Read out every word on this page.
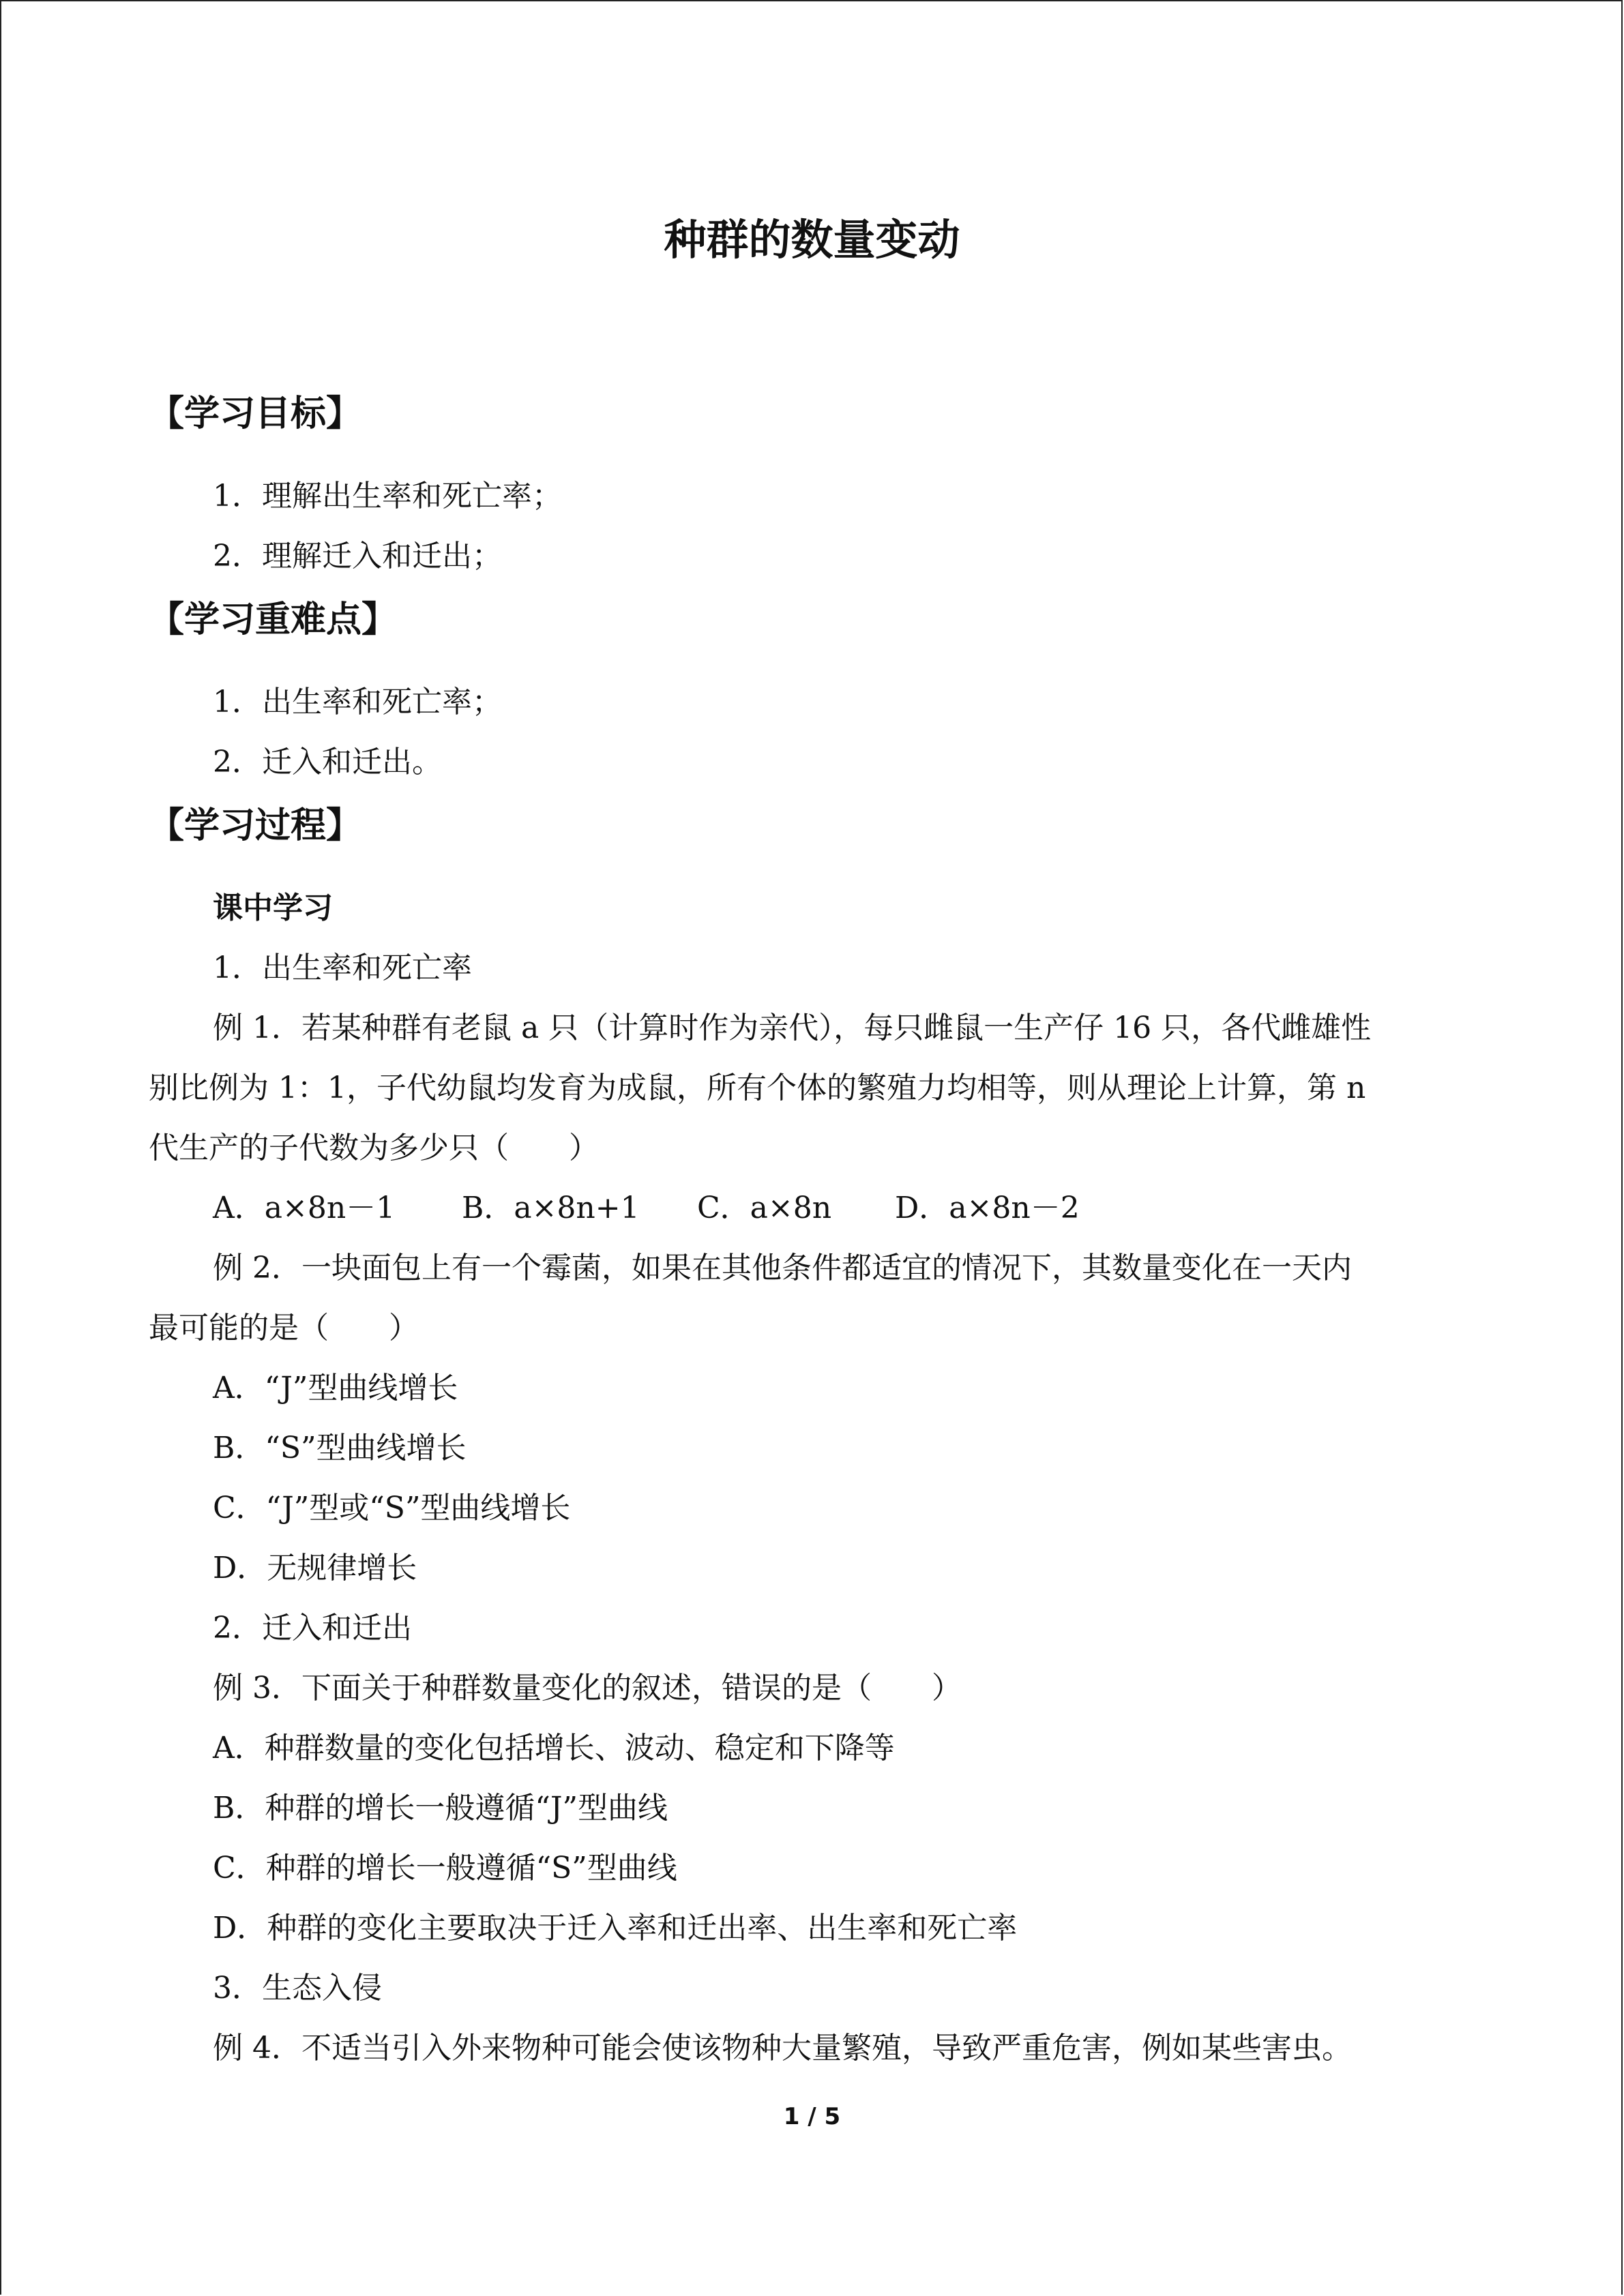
种群的数量变动
【学习目标】

1．理解出生率和死亡率；

2．理解迁入和迁出；

【学习重难点】

1．出生率和死亡率；

2．迁入和迁出。

【学习过程】

课中学习

1．出生率和死亡率

例 1．若某种群有老鼠 a 只（计算时作为亲代），每只雌鼠一生产仔 16 只，各代雌雄性

别比例为 1：1，子代幼鼠均发育为成鼠，所有个体的繁殖力均相等，则从理论上计算，第 n

代生产的子代数为多少只（　　）

A．a×8n－1 B．a×8n+1 C．a×8n D．a×8n－2

例 2．一块面包上有一个霉菌，如果在其他条件都适宜的情况下，其数量变化在一天内

最可能的是（　　）

A．“J”型曲线增长

B．“S”型曲线增长

C．“J”型或“S”型曲线增长

D．无规律增长

2．迁入和迁出

例 3．下面关于种群数量变化的叙述，错误的是（　　）

A．种群数量的变化包括增长、波动、稳定和下降等

B．种群的增长一般遵循“J”型曲线

C．种群的增长一般遵循“S”型曲线

D．种群的变化主要取决于迁入率和迁出率、出生率和死亡率

3．生态入侵

例 4．不适当引入外来物种可能会使该物种大量繁殖，导致严重危害，例如某些害虫。

1 / 5
